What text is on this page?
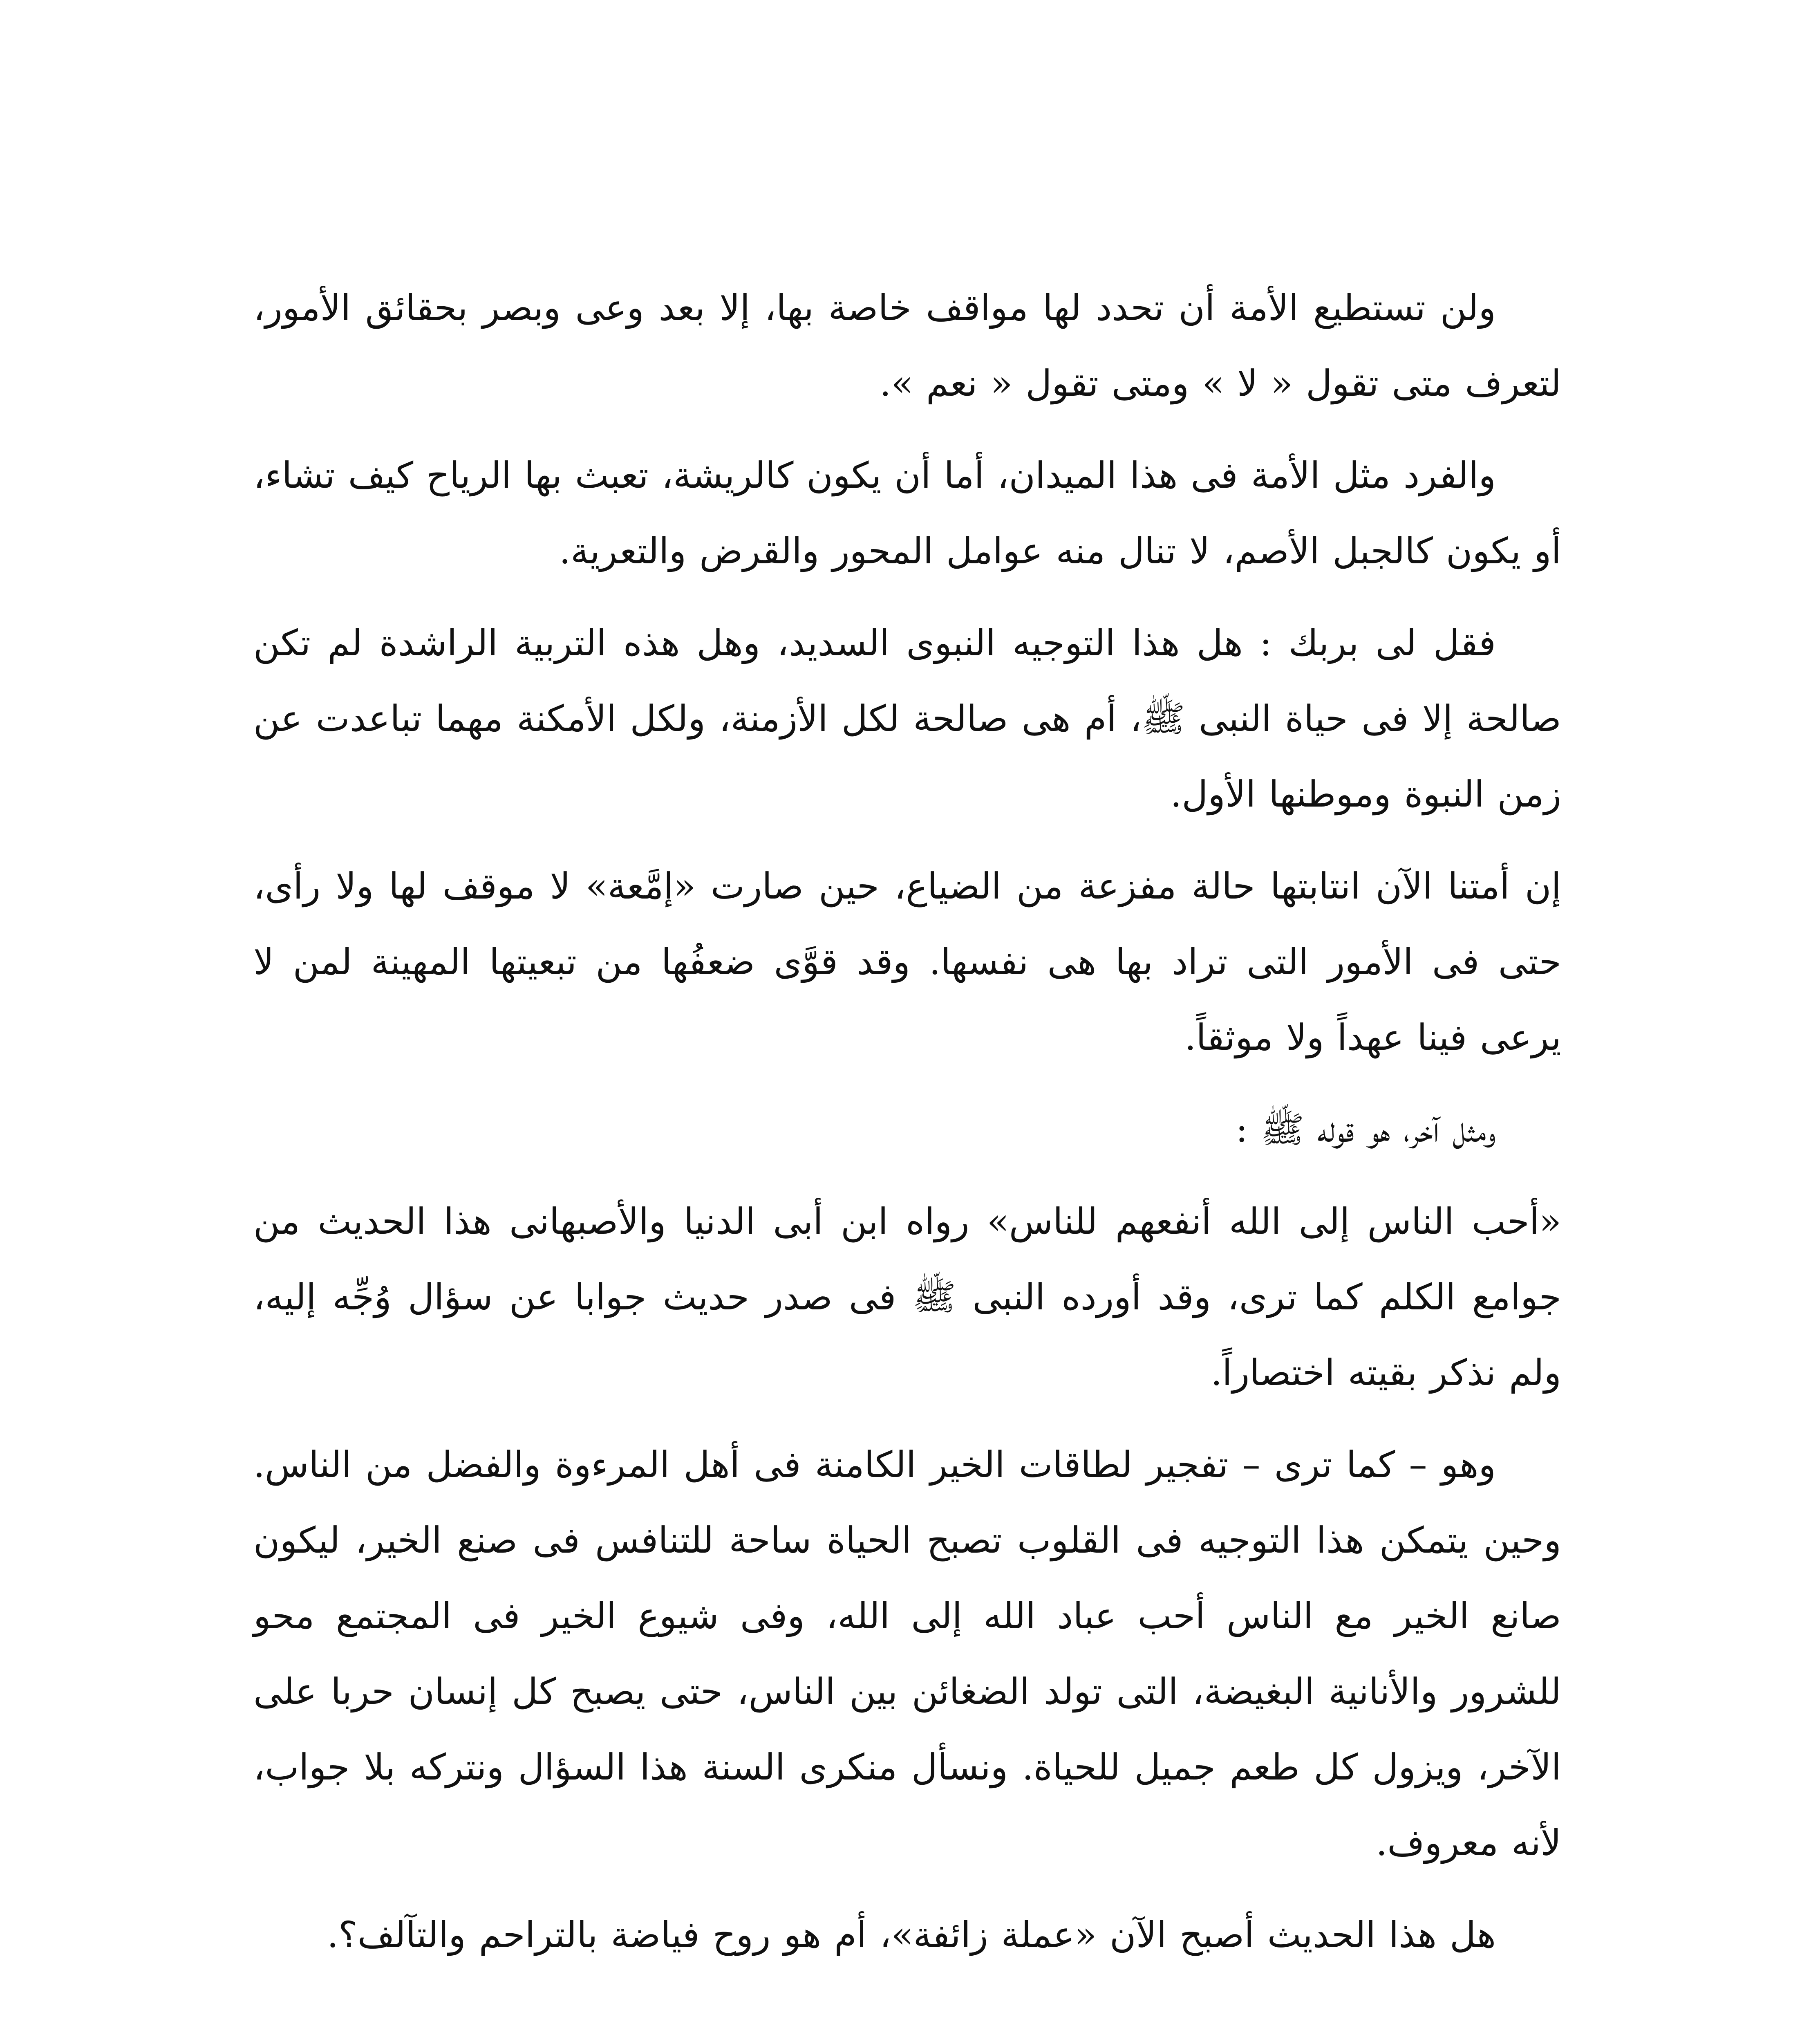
ولن تستطيع الأمة أن تحدد لها مواقف خاصة بها، إلا بعد وعى وبصر بحقائق الأمور، لتعرف متى تقول « لا » ومتى تقول « نعم ».

والفرد مثل الأمة فى هذا الميدان، أما أن يكون كالريشة، تعبث بها الرياح كيف تشاء، أو يكون كالجبل الأصم، لا تنال منه عوامل المحور والقرض والتعرية.

فقل لى بربك : هل هذا التوجيه النبوى السديد، وهل هذه التربية الراشدة لم تكن صالحة إلا فى حياة النبى ﷺ، أم هى صالحة لكل الأزمنة، ولكل الأمكنة مهما تباعدت عن زمن النبوة وموطنها الأول.

إن أمتنا الآن انتابتها حالة مفزعة من الضياع، حين صارت «إمَّعة» لا موقف لها ولا رأى، حتى فى الأمور التى تراد بها هى نفسها. وقد قوَّى ضعفُها من تبعيتها المهينة لمن لا يرعى فينا عهداً ولا موثقاً.

ومثل آخر، هو قوله ﷺ :

«أحب الناس إلى الله أنفعهم للناس» رواه ابن أبى الدنيا والأصبهانى هذا الحديث من جوامع الكلم كما ترى، وقد أورده النبى ﷺ فى صدر حديث جوابا عن سؤال وُجِّه إليه، ولم نذكر بقيته اختصاراً.

وهو – كما ترى – تفجير لطاقات الخير الكامنة فى أهل المرءوة والفضل من الناس. وحين يتمكن هذا التوجيه فى القلوب تصبح الحياة ساحة للتنافس فى صنع الخير، ليكون صانع الخير مع الناس أحب عباد الله إلى الله، وفى شيوع الخير فى المجتمع محو للشرور والأنانية البغيضة، التى تولد الضغائن بين الناس، حتى يصبح كل إنسان حربا على الآخر، ويزول كل طعم جميل للحياة. ونسأل منكرى السنة هذا السؤال ونتركه بلا جواب، لأنه معروف.

هل هذا الحديث أصبح الآن «عملة زائفة»، أم هو روح فياضة بالتراحم والتآلف؟.
